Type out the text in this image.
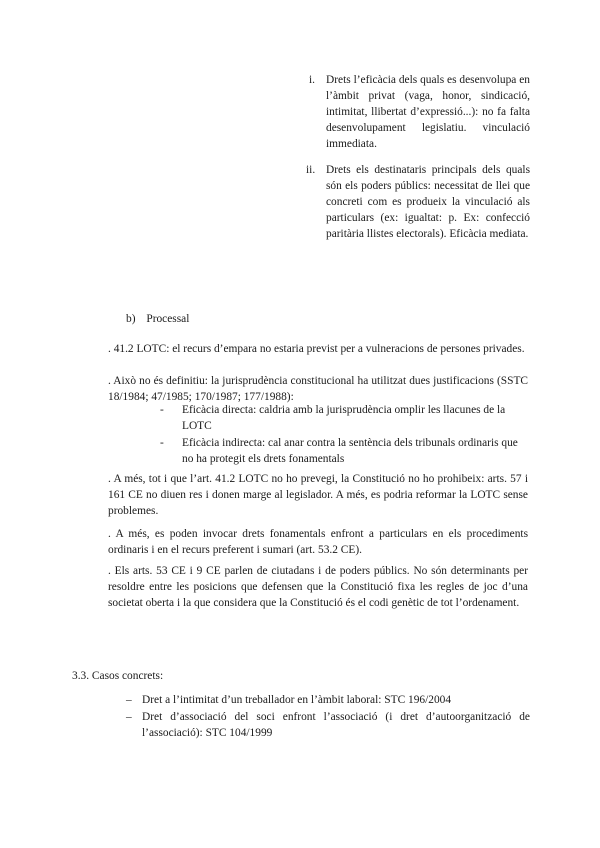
i. Drets l’eficàcia dels quals es desenvolupa en l’àmbit privat (vaga, honor, sindicació, intimitat, llibertat d’expressió...): no fa falta desenvolupament legislatiu. vinculació immediata.

ii. Drets els destinataris principals dels quals són els poders públics: necessitat de llei que concreti com es produeix la vinculació als particulars (ex: igualtat: p. Ex: confecció paritària llistes electorals). Eficàcia mediata.

b) Processal

. 41.2 LOTC: el recurs d’empara no estaria previst per a vulneracions de persones privades.

. Això no és definitiu: la jurisprudència constitucional ha utilitzat dues justificacions (SSTC 18/1984; 47/1985; 170/1987; 177/1988):

- Eficàcia directa: caldria amb la jurisprudència omplir les llacunes de la LOTC

- Eficàcia indirecta: cal anar contra la sentència dels tribunals ordinaris que no ha protegit els drets fonamentals

. A més, tot i que l’art. 41.2 LOTC no ho prevegi, la Constitució no ho prohibeix: arts. 57 i 161 CE no diuen res i donen marge al legislador. A més, es podria reformar la LOTC sense problemes.

. A més, es poden invocar drets fonamentals enfront a particulars en els procediments ordinaris i en el recurs preferent i sumari (art. 53.2 CE).

. Els arts. 53 CE i 9 CE parlen de ciutadans i de poders públics. No són determinants per resoldre entre les posicions que defensen que la Constitució fixa les regles de joc d’una societat oberta i la que considera que la Constitució és el codi genètic de tot l’ordenament.

3.3. Casos concrets:
– Dret a l’intimitat d’un treballador en l’àmbit laboral: STC 196/2004

– Dret d’associació del soci enfront l’associació (i dret d’autoorganització de l’associació): STC 104/1999
